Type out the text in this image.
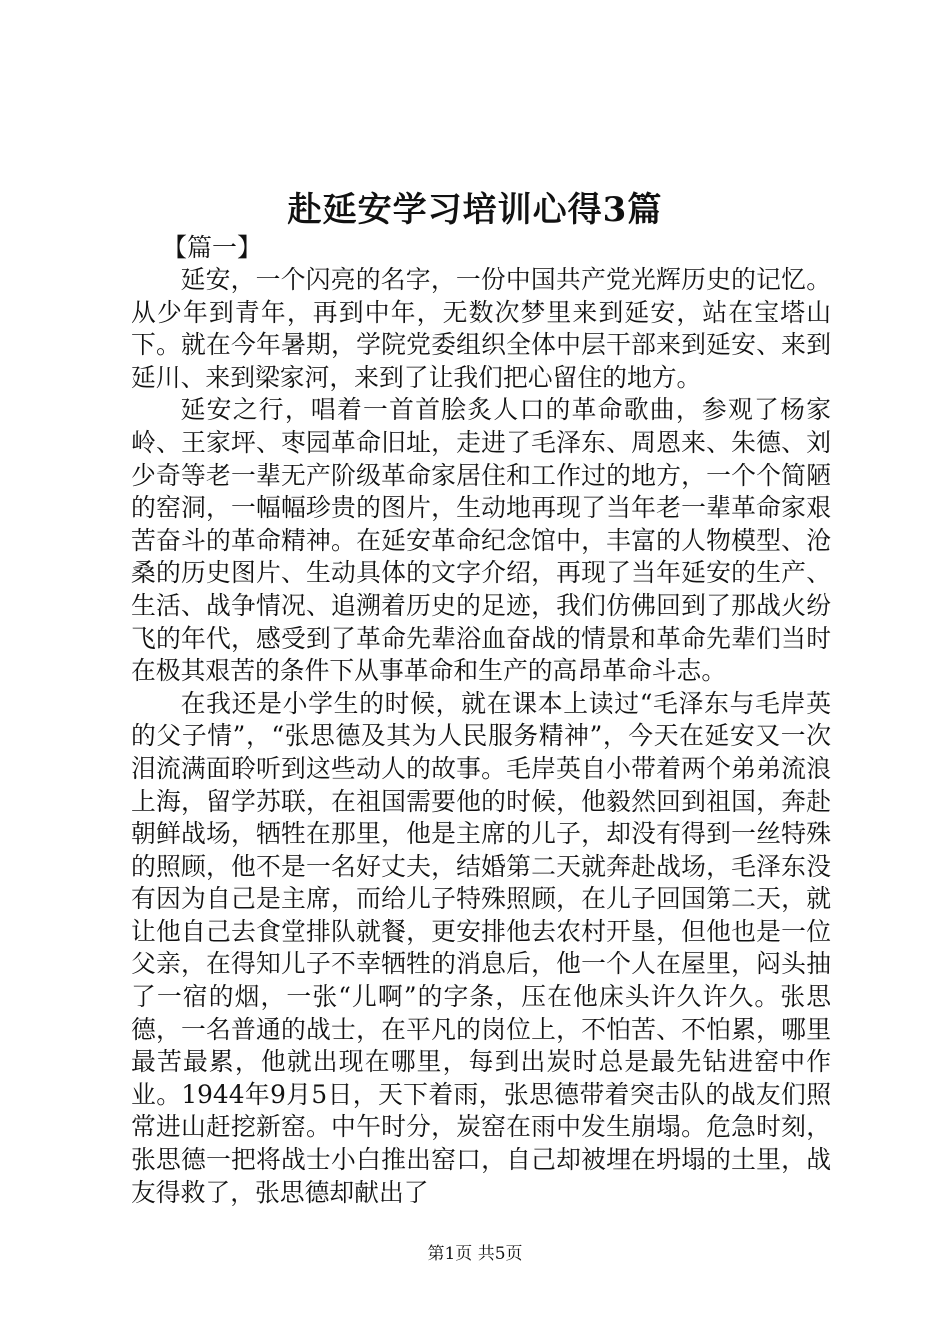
赴延安学习培训心得3篇
【篇一】

延安，一个闪亮的名字，一份中国共产党光辉历史的记忆。从少年到青年，再到中年，无数次梦里来到延安，站在宝塔山下。就在今年暑期，学院党委组织全体中层干部来到延安、来到延川、来到梁家河，来到了让我们把心留住的地方。

延安之行，唱着一首首脍炙人口的革命歌曲，参观了杨家岭、王家坪、枣园革命旧址，走进了毛泽东、周恩来、朱德、刘少奇等老一辈无产阶级革命家居住和工作过的地方，一个个简陋的窑洞，一幅幅珍贵的图片，生动地再现了当年老一辈革命家艰苦奋斗的革命精神。在延安革命纪念馆中，丰富的人物模型、沧桑的历史图片、生动具体的文字介绍，再现了当年延安的生产、生活、战争情况、追溯着历史的足迹，我们仿佛回到了那战火纷飞的年代，感受到了革命先辈浴血奋战的情景和革命先辈们当时在极其艰苦的条件下从事革命和生产的高昂革命斗志。

在我还是小学生的时候，就在课本上读过“毛泽东与毛岸英的父子情”，“张思德及其为人民服务精神”，今天在延安又一次泪流满面聆听到这些动人的故事。毛岸英自小带着两个弟弟流浪上海，留学苏联，在祖国需要他的时候，他毅然回到祖国，奔赴朝鲜战场，牺牲在那里，他是主席的儿子，却没有得到一丝特殊的照顾，他不是一名好丈夫，结婚第二天就奔赴战场，毛泽东没有因为自己是主席，而给儿子特殊照顾，在儿子回国第二天，就让他自己去食堂排队就餐，更安排他去农村开垦，但他也是一位父亲，在得知儿子不幸牺牲的消息后，他一个人在屋里，闷头抽了一宿的烟，一张“儿啊”的字条，压在他床头许久许久。张思德，一名普通的战士，在平凡的岗位上，不怕苦、不怕累，哪里最苦最累，他就出现在哪里，每到出炭时总是最先钻进窑中作业。1944年9月5日，天下着雨，张思德带着突击队的战友们照常进山赶挖新窑。中午时分，炭窑在雨中发生崩塌。危急时刻，张思德一把将战士小白推出窑口，自己却被埋在坍塌的土里，战友得救了，张思德却献出了

第1页 共5页
